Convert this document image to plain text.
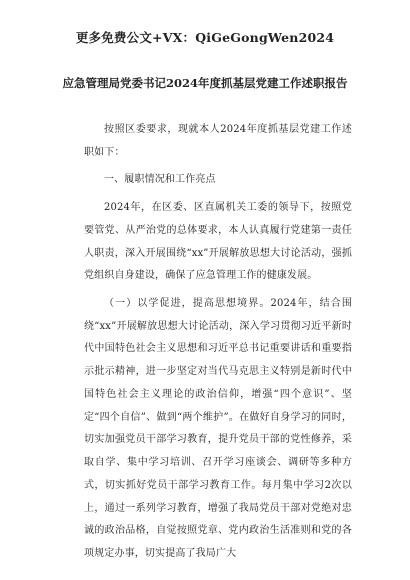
更多免费公文+VX：QiGeGongWen2024
应急管理局党委书记2024年度抓基层党建工作述职报告

按照区委要求，现就本人2024年度抓基层党建工作述职如下：

一、履职情况和工作亮点

2024年，在区委、区直属机关工委的领导下，按照党要管党、从严治党的总体要求，本人认真履行党建第一责任人职责，深入开展围绕“xx”开展解放思想大讨论活动，强抓党组织自身建设，确保了应急管理工作的健康发展。

（一）以学促进，提高思想境界。2024年，结合围绕“xx”开展解放思想大讨论活动，深入学习贯彻习近平新时代中国特色社会主义思想和习近平总书记重要讲话和重要指示批示精神，进一步坚定对当代马克思主义特别是新时代中国特色社会主义理论的政治信仰，增强“四个意识”、坚定“四个自信”、做到“两个维护”。在做好自身学习的同时，切实加强党员干部学习教育，提升党员干部的党性修养，采取自学、集中学习培训、召开学习座谈会、调研等多种方式，切实抓好党员干部学习教育工作。每月集中学习2次以上，通过一系列学习教育，增强了我局党员干部对党绝对忠诚的政治品格，自觉按照党章、党内政治生活准则和党的各项规定办事，切实提高了我局广大
